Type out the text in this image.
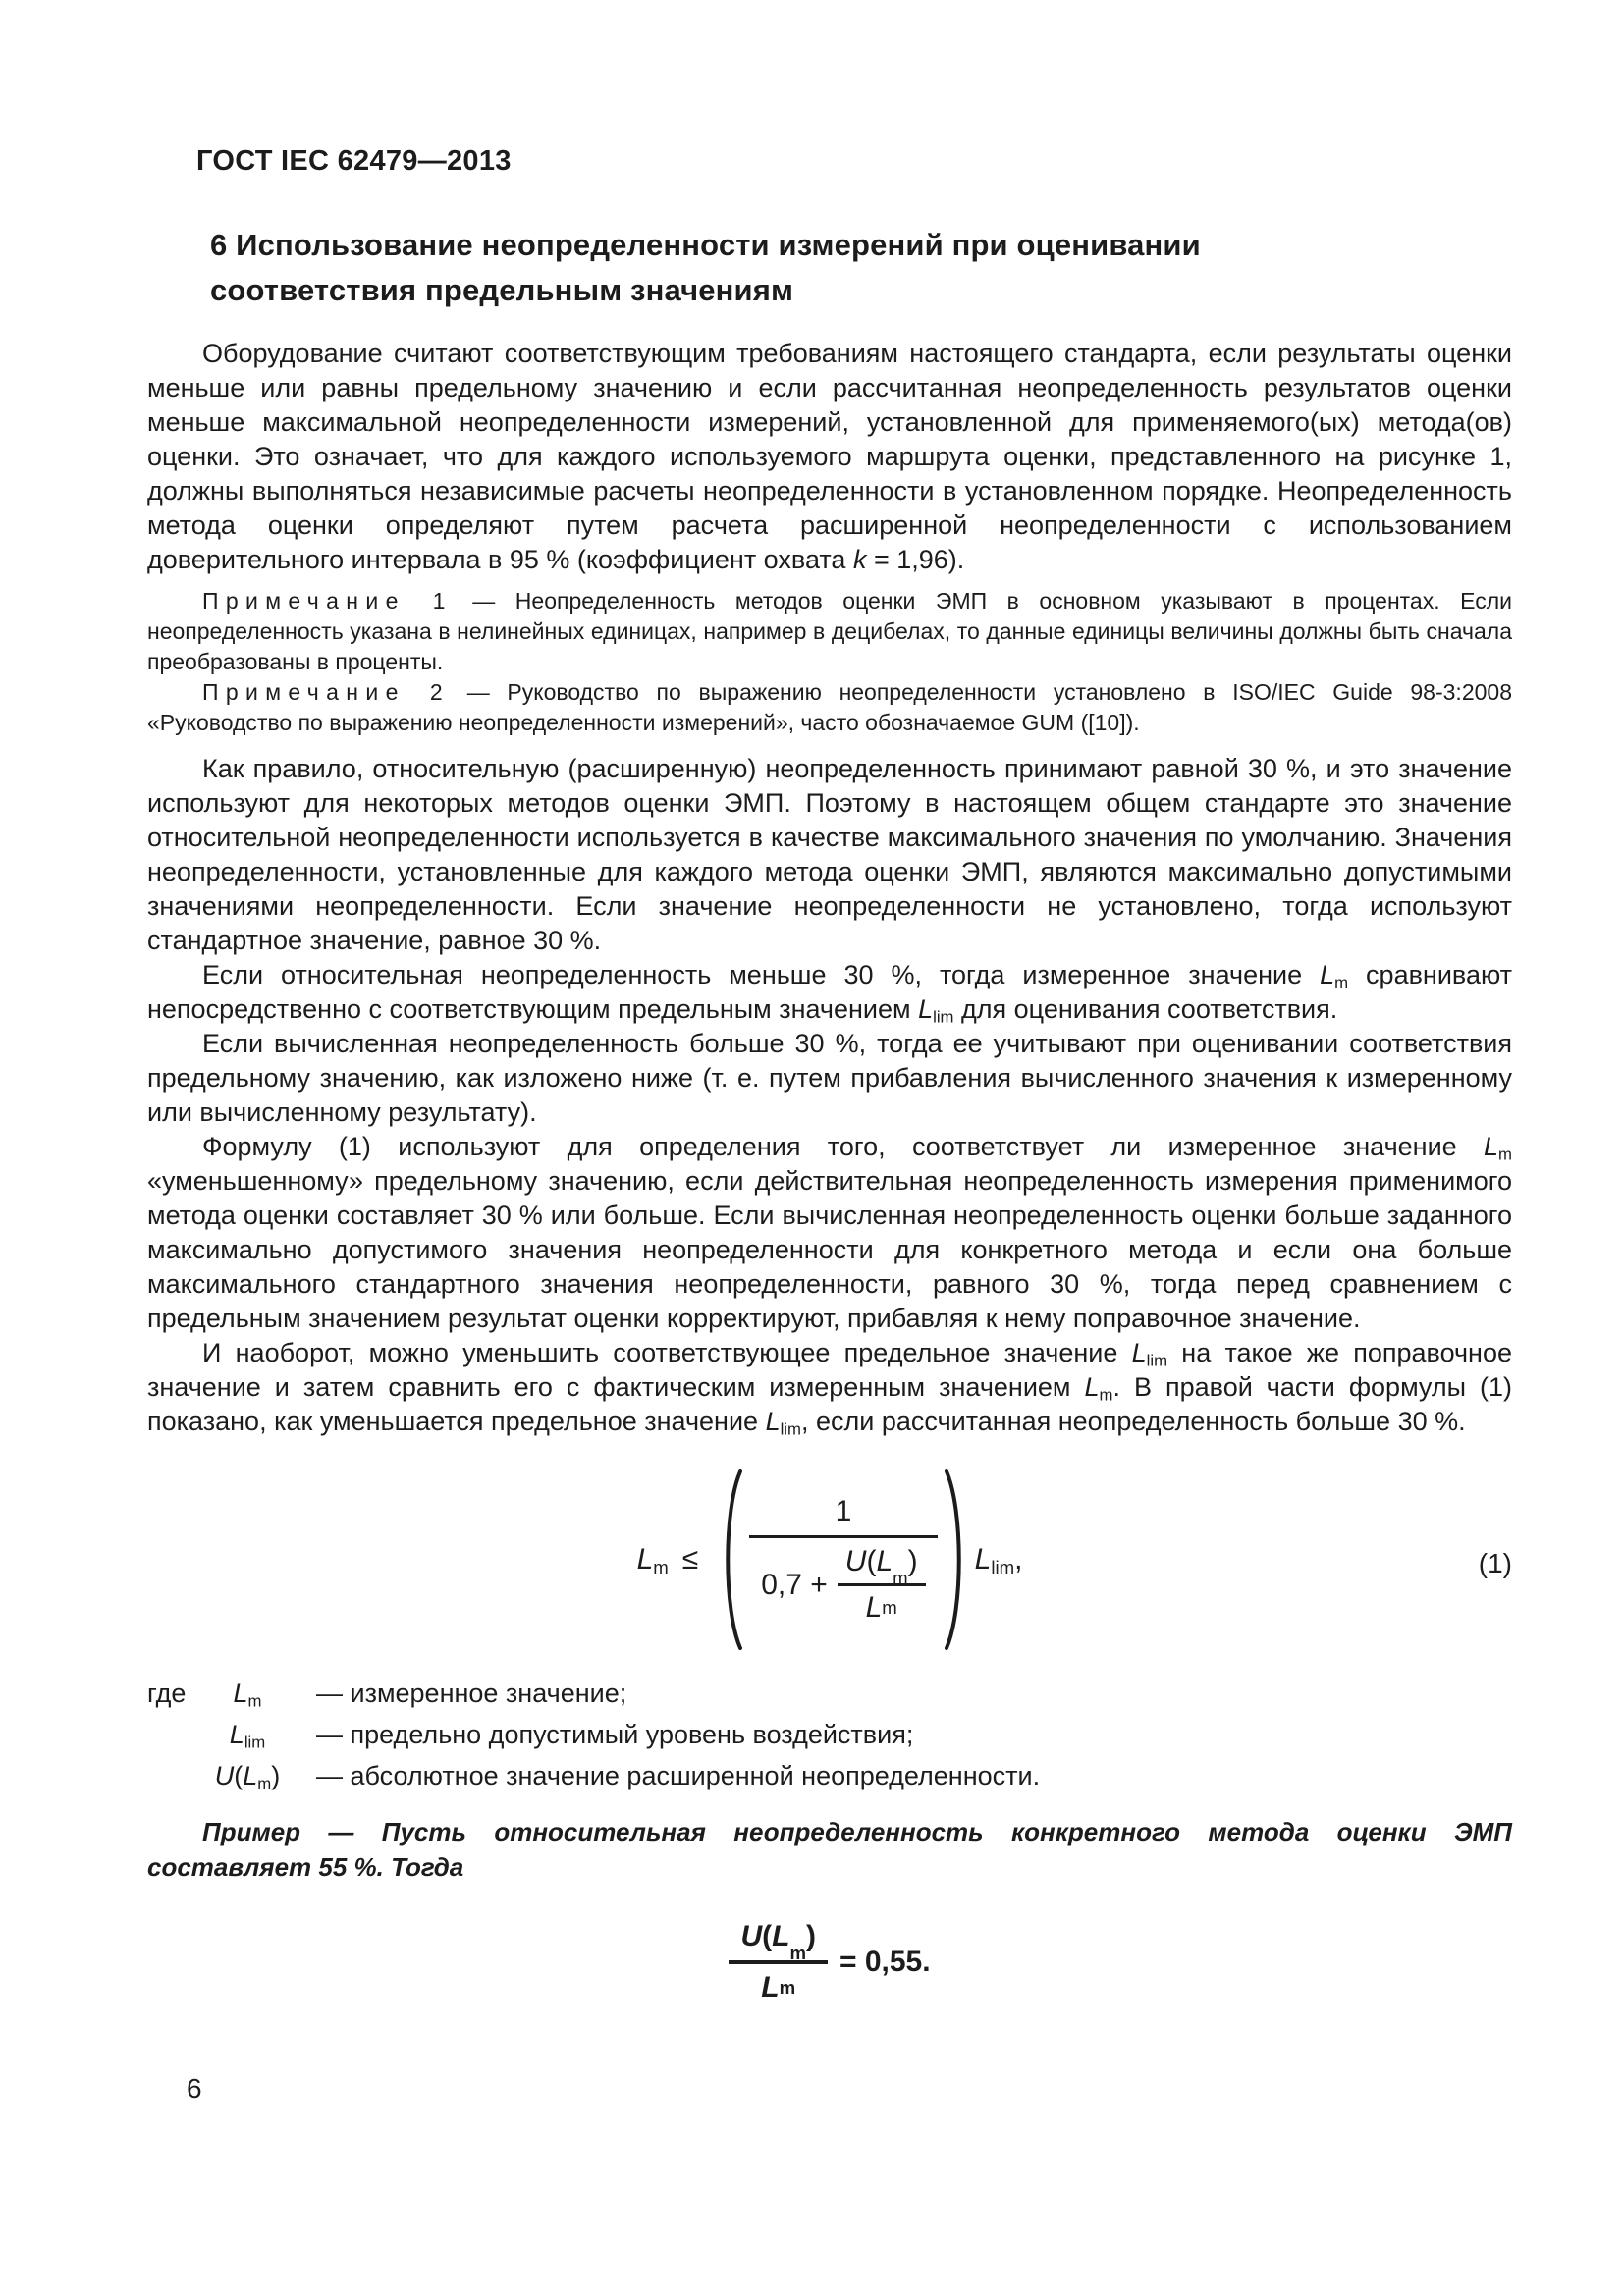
ГОСТ IEC 62479—2013
6 Использование неопределенности измерений при оценивании
соответствия предельным значениям

Оборудование считают соответствующим требованиям настоящего стандарта, если результаты оценки меньше или равны предельному значению и если рассчитанная неопределенность результатов оценки меньше максимальной неопределенности измерений, установленной для применяемого(ых) метода(ов) оценки. Это означает, что для каждого используемого маршрута оценки, представленного на рисунке 1, должны выполняться независимые расчеты неопределенности в установленном порядке. Неопределенность метода оценки определяют путем расчета расширенной неопределенности с использованием доверительного интервала в 95 % (коэффициент охвата k = 1,96).

Примечание 1 — Неопределенность методов оценки ЭМП в основном указывают в процентах. Если неопределенность указана в нелинейных единицах, например в децибелах, то данные единицы величины должны быть сначала преобразованы в проценты.

Примечание 2 — Руководство по выражению неопределенности установлено в ISO/IEC Guide 98-3:2008 «Руководство по выражению неопределенности измерений», часто обозначаемое GUM ([10]).

Как правило, относительную (расширенную) неопределенность принимают равной 30 %, и это значение используют для некоторых методов оценки ЭМП. Поэтому в настоящем общем стандарте это значение относительной неопределенности используется в качестве максимального значения по умолчанию. Значения неопределенности, установленные для каждого метода оценки ЭМП, являются максимально допустимыми значениями неопределенности. Если значение неопределенности не установлено, тогда используют стандартное значение, равное 30 %.

Если относительная неопределенность меньше 30 %, тогда измеренное значение $L_m$ сравнивают непосредственно с соответствующим предельным значением $L_{lim}$ для оценивания соответствия.

Если вычисленная неопределенность больше 30 %, тогда ее учитывают при оценивании соответствия предельному значению, как изложено ниже (т. е. путем прибавления вычисленного значения к измеренному или вычисленному результату).

Формулу (1) используют для определения того, соответствует ли измеренное значение $L_m$ «уменьшенному» предельному значению, если действительная неопределенность измерения применимого метода оценки составляет 30 % или больше. Если вычисленная неопределенность оценки больше заданного максимально допустимого значения неопределенности для конкретного метода и если она больше максимального стандартного значения неопределенности, равного 30 %, тогда перед сравнением с предельным значением результат оценки корректируют, прибавляя к нему поправочное значение.

И наоборот, можно уменьшить соответствующее предельное значение $L_{lim}$ на такое же поправочное значение и затем сравнить его с фактическим измеренным значением $L_m$. В правой части формулы (1) показано, как уменьшается предельное значение $L_{lim}$, если рассчитанная неопределенность больше 30 %.

$L_m \le 1$
0,7 + U ( L
m
)
L m $L_{lim}$,	(1)
где	$L_m$	— измеренное значение;
$L_{lim}$	— предельно допустимый уровень воздействия;
$U(L_m)$	— абсолютное значение расширенной неопределенности.

Пример — Пусть относительная неопределенность конкретного метода оценки ЭМП составляет 55 %. Тогда

U ( L
m
)
L m = 0,55.
6
